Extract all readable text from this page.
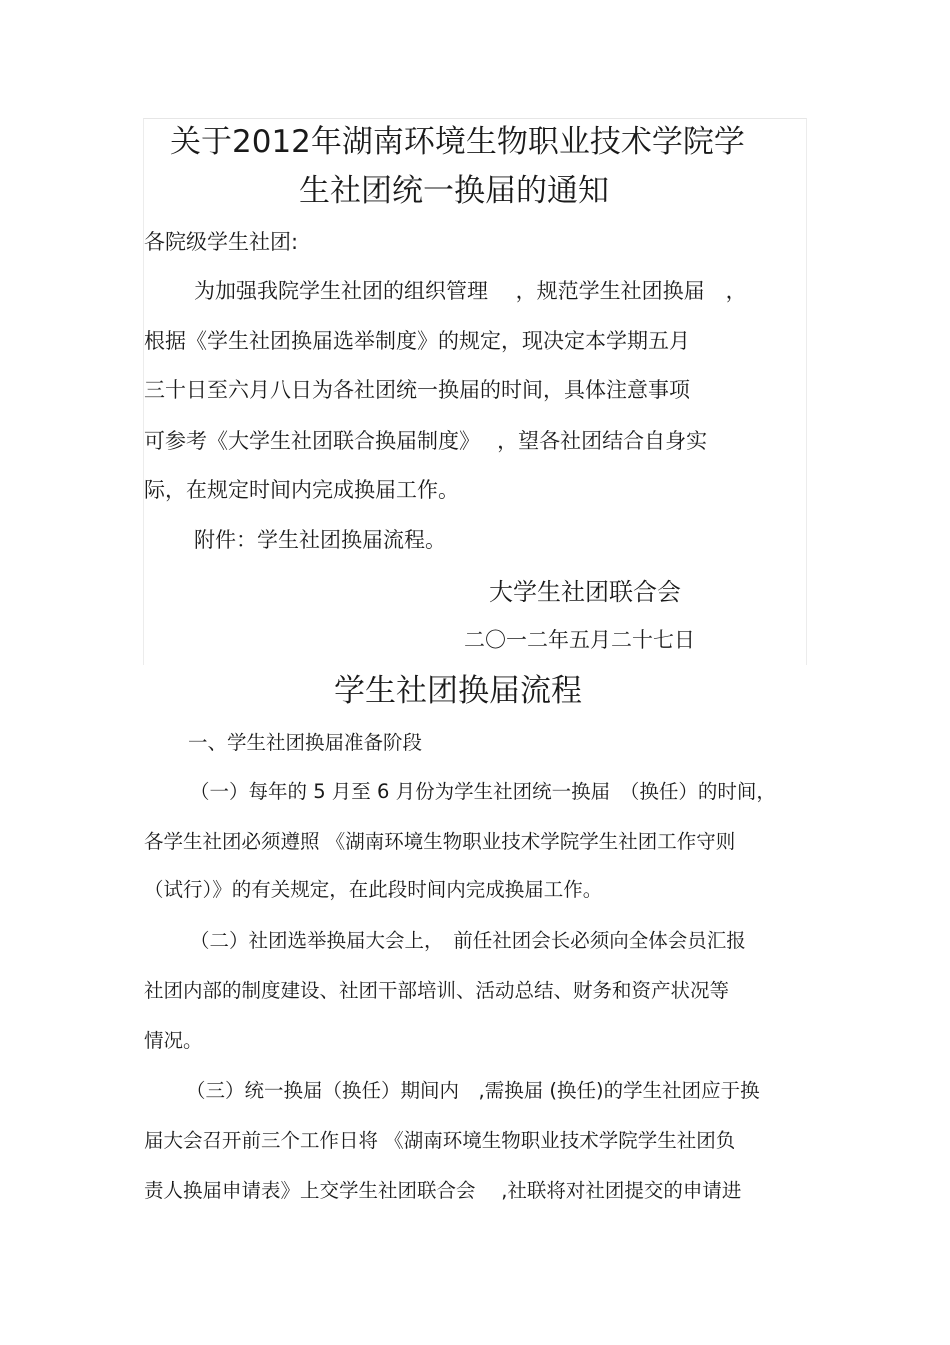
关于2012年湖南环境生物职业技术学院学
生社团统一换届的通知
各院级学生社团:
为加强我院学生社团的组织管理　 ，规范学生社团换届　，
根据《学生社团换届选举制度》的规定，现决定本学期五月
三十日至六月八日为各社团统一换届的时间，具体注意事项
可参考《大学生社团联合换届制度》　 ，望各社团结合自身实
际，在规定时间内完成换届工作。
附件：学生社团换届流程。
大学生社团联合会
二〇一二年五月二十七日
学生社团换届流程
一、学生社团换届准备阶段
（一）每年的 5 月至 6 月份为学生社团统一换届　（换任）的时间，
各学生社团必须遵照 《湖南环境生物职业技术学院学生社团工作守则
（试行）》的有关规定，在此段时间内完成换届工作。
（二）社团选举换届大会上，　前任社团会长必须向全体会员汇报
社团内部的制度建设、社团干部培训、活动总结、财务和资产状况等
情况。
（三）统一换届（换任）期间内　,需换届 (换任)的学生社团应于换
届大会召开前三个工作日将 《湖南环境生物职业技术学院学生社团负
责人换届申请表》上交学生社团联合会　 ,社联将对社团提交的申请进
